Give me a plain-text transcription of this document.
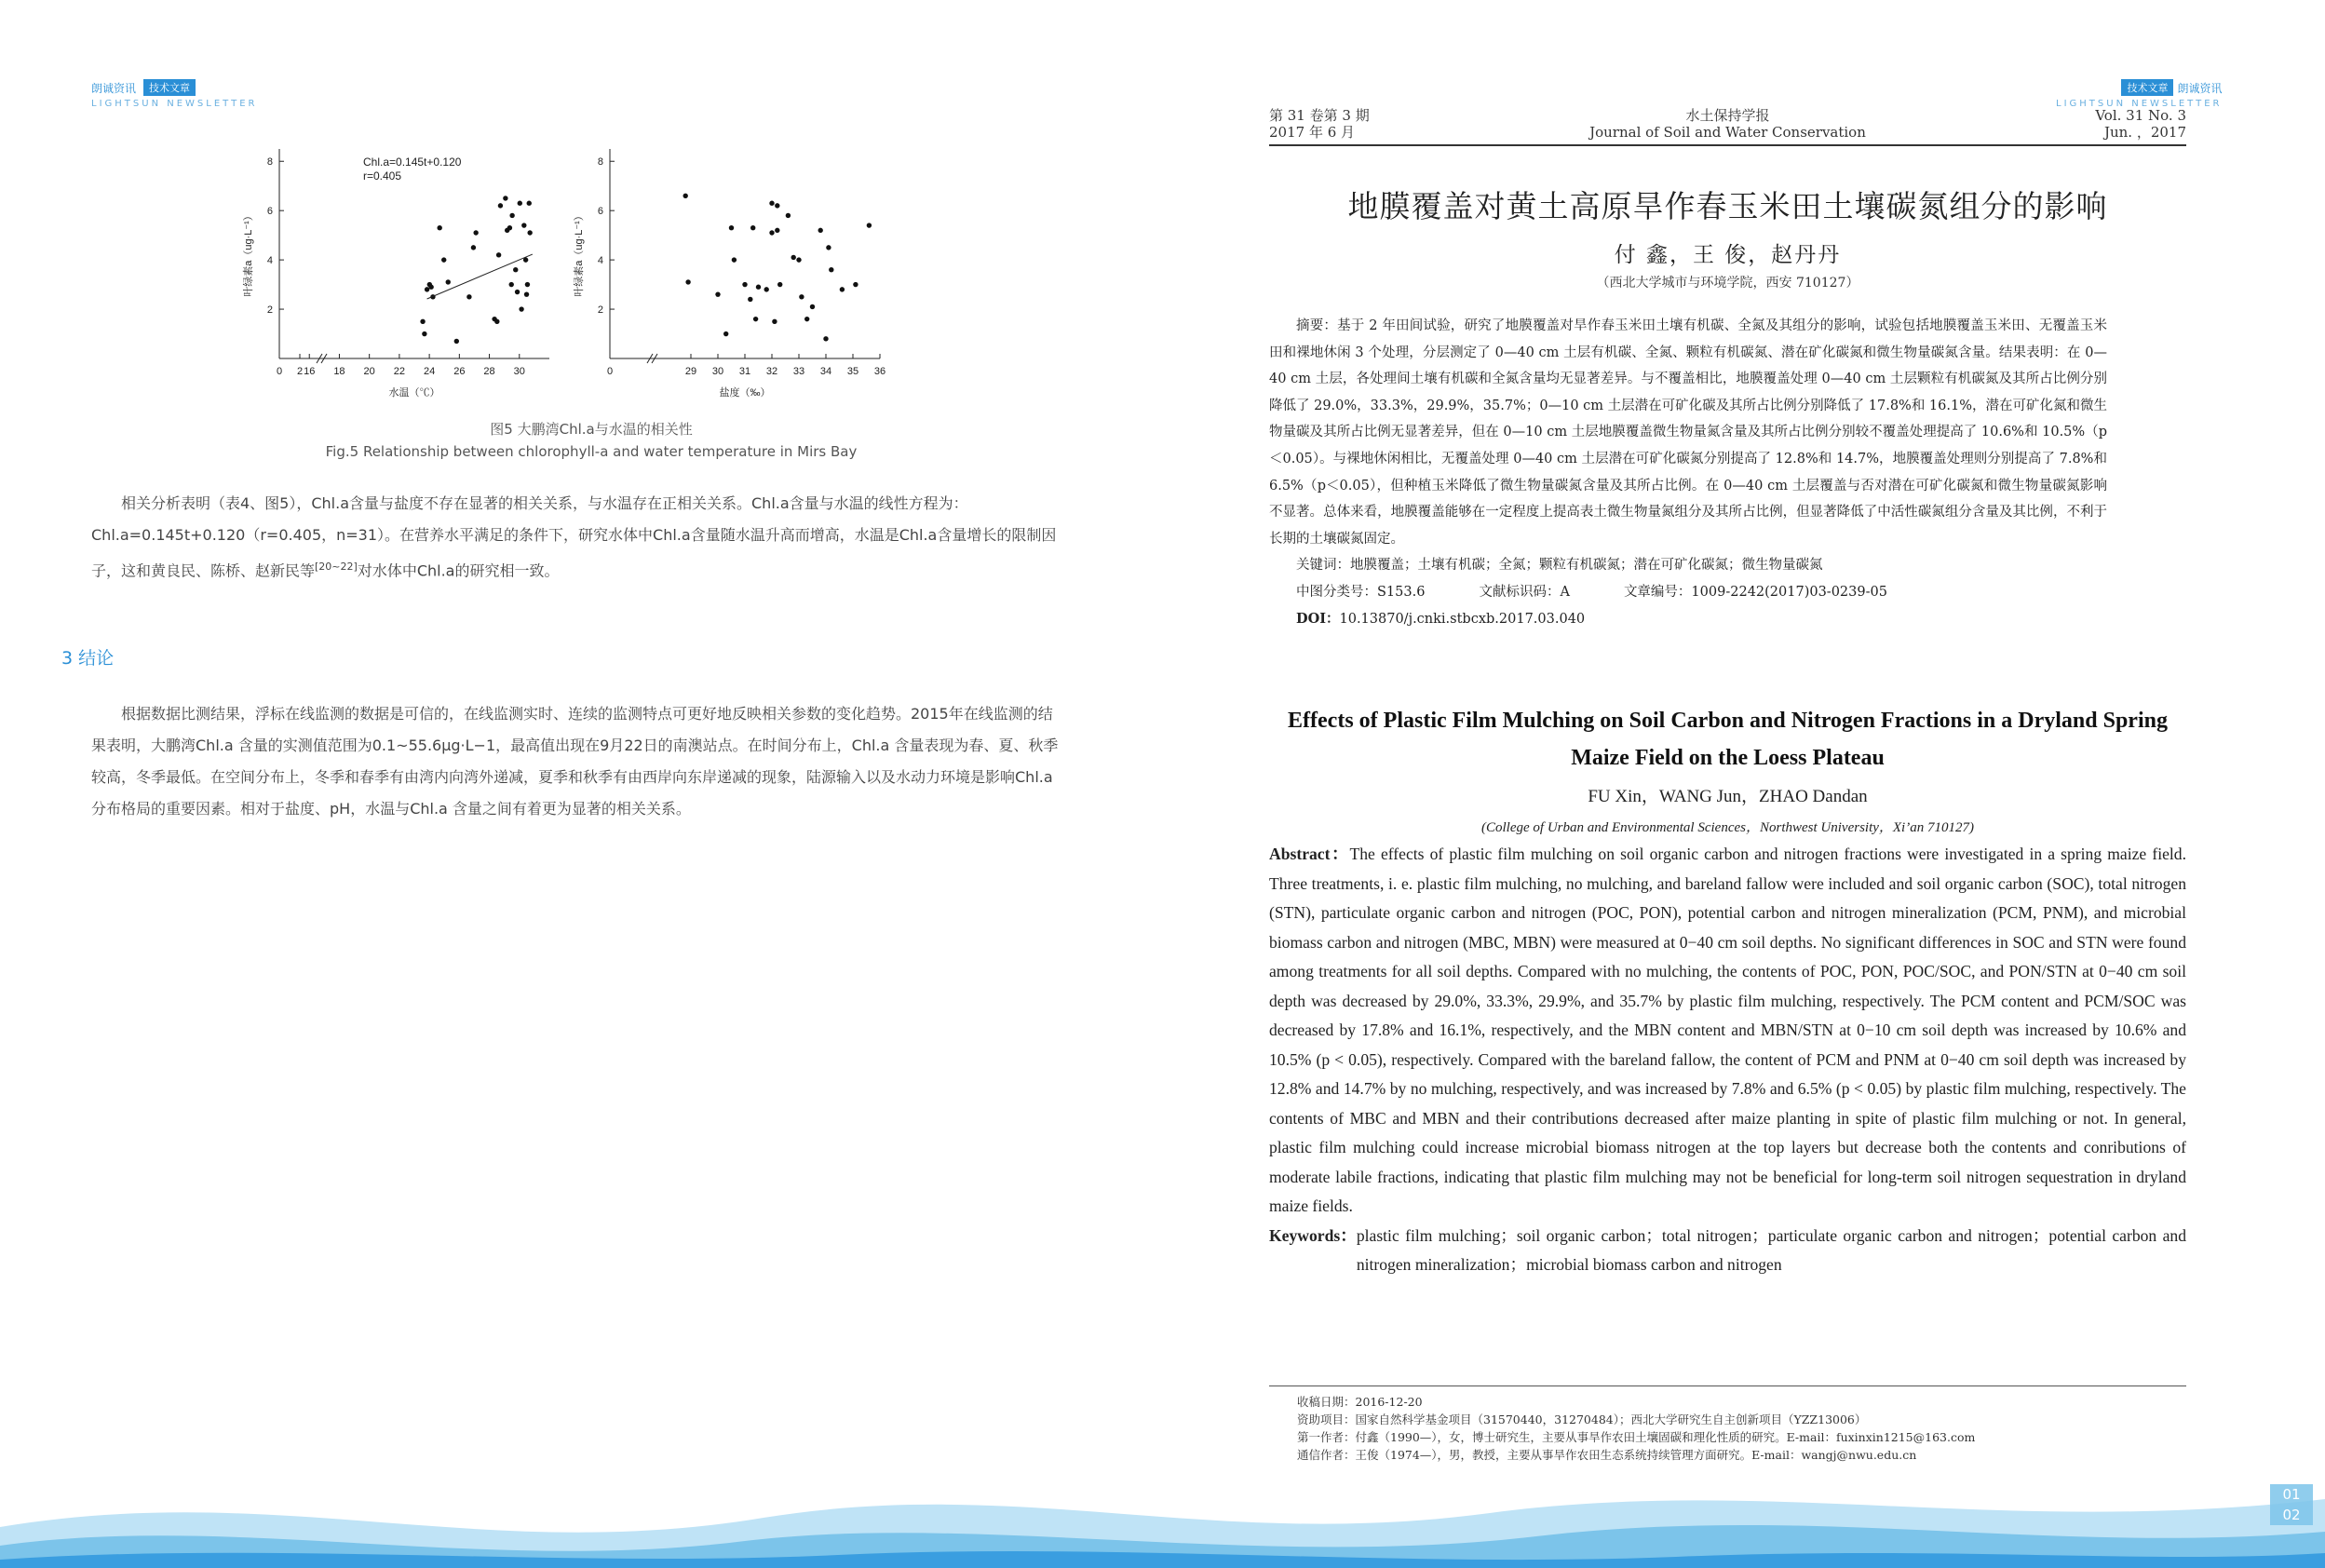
朗诚资讯 技术文章
LIGHTSUN NEWSLETTER
2
4
6
8
0 2 16 18 20 22 24 26 28 30
Chl.a=0.145t+0.120
r=0.405
水温（℃）
叶绿素a（ug·L⁻¹）
2
4
6
8
0	29 30 31 32 33 34 35 36
盐度（‰）
叶绿素a（ug·L⁻¹）
图5 大鹏湾Chl.a与水温的相关性
Fig.5 Relationship between chlorophyll-a and water temperature in Mirs Bay

相关分析表明（表4、图5），Chl.a含量与盐度不存在显著的相关关系，与水温存在正相关关系。Chl.a含量与水温的线性方程为：Chl.a=0.145t+0.120（r=0.405，n=31）。在营养水平满足的条件下，研究水体中Chl.a含量随水温升高而增高，水温是Chl.a含量增长的限制因子，这和黄良民、陈桥、赵新民等[20~22]对水体中Chl.a的研究相一致。

3 结论

根据数据比测结果，浮标在线监测的数据是可信的，在线监测实时、连续的监测特点可更好地反映相关参数的变化趋势。2015年在线监测的结果表明，大鹏湾Chl.a 含量的实测值范围为0.1~55.6μg·L−1，最高值出现在9月22日的南澳站点。在时间分布上，Chl.a 含量表现为春、夏、秋季较高，冬季最低。在空间分布上，冬季和春季有由湾内向湾外递减，夏季和秋季有由西岸向东岸递减的现象，陆源输入以及水动力环境是影响Chl.a分布格局的重要因素。相对于盐度、pH，水温与Chl.a 含量之间有着更为显著的相关关系。

技术文章 朗诚资讯
LIGHTSUN NEWSLETTER
第 31 卷第 3 期
2017 年 6 月
水土保持学报
Journal of Soil and Water Conservation
Vol. 31 No. 3
Jun. ，2017
地膜覆盖对黄土高原旱作春玉米田土壤碳氮组分的影响
付 鑫，王 俊，赵丹丹
（西北大学城市与环境学院，西安 710127）
摘要：基于 2 年田间试验，研究了地膜覆盖对旱作春玉米田土壤有机碳、全氮及其组分的影响，试验包括地膜覆盖玉米田、无覆盖玉米田和裸地休闲 3 个处理，分层测定了 0—40 cm 土层有机碳、全氮、颗粒有机碳氮、潜在矿化碳氮和微生物量碳氮含量。结果表明：在 0—40 cm 土层，各处理间土壤有机碳和全氮含量均无显著差异。与不覆盖相比，地膜覆盖处理 0—40 cm 土层颗粒有机碳氮及其所占比例分别降低了 29.0%，33.3%，29.9%，35.7%；0—10 cm 土层潜在可矿化碳及其所占比例分别降低了 17.8%和 16.1%，潜在可矿化氮和微生物量碳及其所占比例无显著差异，但在 0—10 cm 土层地膜覆盖微生物量氮含量及其所占比例分别较不覆盖处理提高了 10.6%和 10.5%（p＜0.05）。与裸地休闲相比，无覆盖处理 0—40 cm 土层潜在可矿化碳氮分别提高了 12.8%和 14.7%，地膜覆盖处理则分别提高了 7.8%和 6.5%（p＜0.05），但种植玉米降低了微生物量碳氮含量及其所占比例。在 0—40 cm 土层覆盖与否对潜在可矿化碳氮和微生物量碳氮影响不显著。总体来看，地膜覆盖能够在一定程度上提高表土微生物量氮组分及其所占比例，但显著降低了中活性碳氮组分含量及其比例，不利于长期的土壤碳氮固定。
关键词：地膜覆盖；土壤有机碳；全氮；颗粒有机碳氮；潜在可矿化碳氮；微生物量碳氮
中图分类号：S153.6	文献标识码：A	文章编号：1009-2242(2017)03-0239-05
DOI：10.13870/j.cnki.stbcxb.2017.03.040
Effects of Plastic Film Mulching on Soil Carbon and Nitrogen Fractions in a Dryland Spring Maize Field on the Loess Plateau
FU Xin，WANG Jun，ZHAO Dandan
(College of Urban and Environmental Sciences，Northwest University，Xi’an 710127)
Abstract：The effects of plastic film mulching on soil organic carbon and nitrogen fractions were investigated in a spring maize field. Three treatments, i. e. plastic film mulching, no mulching, and bareland fallow were included and soil organic carbon (SOC), total nitrogen (STN), particulate organic carbon and nitrogen (POC, PON), potential carbon and nitrogen mineralization (PCM, PNM), and microbial biomass carbon and nitrogen (MBC, MBN) were measured at 0−40 cm soil depths. No significant differences in SOC and STN were found among treatments for all soil depths. Compared with no mulching, the contents of POC, PON, POC/SOC, and PON/STN at 0−40 cm soil depth was decreased by 29.0%, 33.3%, 29.9%, and 35.7% by plastic film mulching, respectively. The PCM content and PCM/SOC was decreased by 17.8% and 16.1%, respectively, and the MBN content and MBN/STN at 0−10 cm soil depth was increased by 10.6% and 10.5% (p < 0.05), respectively. Compared with the bareland fallow, the content of PCM and PNM at 0−40 cm soil depth was increased by 12.8% and 14.7% by no mulching, respectively, and was increased by 7.8% and 6.5% (p < 0.05) by plastic film mulching, respectively. The contents of MBC and MBN and their contributions decreased after maize planting in spite of plastic film mulching or not. In general, plastic film mulching could increase microbial biomass nitrogen at the top layers but decrease both the contents and conributions of moderate labile fractions, indicating that plastic film mulching may not be beneficial for long-term soil nitrogen sequestration in dryland maize fields.
Keywords： plastic film mulching；soil organic carbon；total nitrogen；particulate organic carbon and nitrogen；potential carbon and nitrogen mineralization；microbial biomass carbon and nitrogen
收稿日期：2016-12-20
资助项目：国家自然科学基金项目（31570440，31270484）；西北大学研究生自主创新项目（YZZ13006）
第一作者：付鑫（1990—），女，博士研究生，主要从事旱作农田土壤固碳和理化性质的研究。E-mail：fuxinxin1215@163.com
通信作者：王俊（1974—），男，教授，主要从事旱作农田生态系统持续管理方面研究。E-mail：wangj@nwu.edu.cn
01
02
